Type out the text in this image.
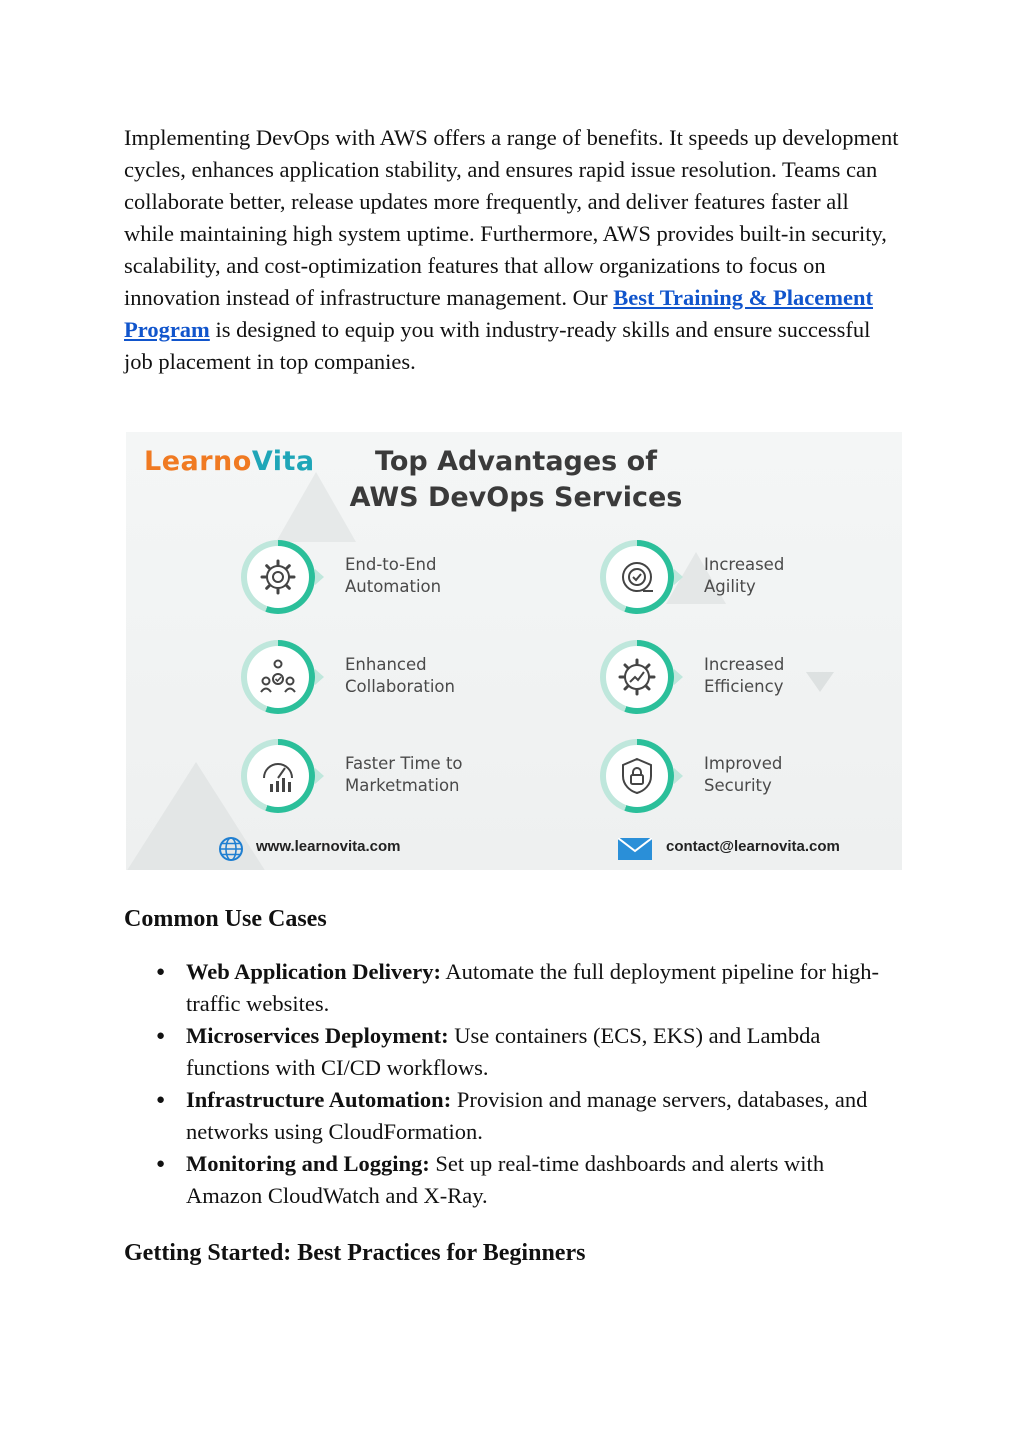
Implementing DevOps with AWS offers a range of benefits. It speeds up development cycles, enhances application stability, and ensures rapid issue resolution. Teams can collaborate better, release updates more frequently, and deliver features faster all while maintaining high system uptime. Furthermore, AWS provides built-in security, scalability, and cost-optimization features that allow organizations to focus on innovation instead of infrastructure management. Our Best Training & Placement Program is designed to equip you with industry-ready skills and ensure successful job placement in top companies.

LearnoVita	Top Advantages of
AWS DevOps Services
End-to-End
Automation
Increased
Agility
Enhanced
Collaboration
Increased
Efficiency
Faster Time to
Marketmation
Improved
Security
www.learnovita.com	contact@learnovita.com
Common Use Cases
● Web Application Delivery: Automate the full deployment pipeline for high-traffic websites.
● Microservices Deployment: Use containers (ECS, EKS) and Lambda functions with CI/CD workflows.
● Infrastructure Automation: Provision and manage servers, databases, and networks using CloudFormation.
● Monitoring and Logging: Set up real-time dashboards and alerts with Amazon CloudWatch and X-Ray.
Getting Started: Best Practices for Beginners
